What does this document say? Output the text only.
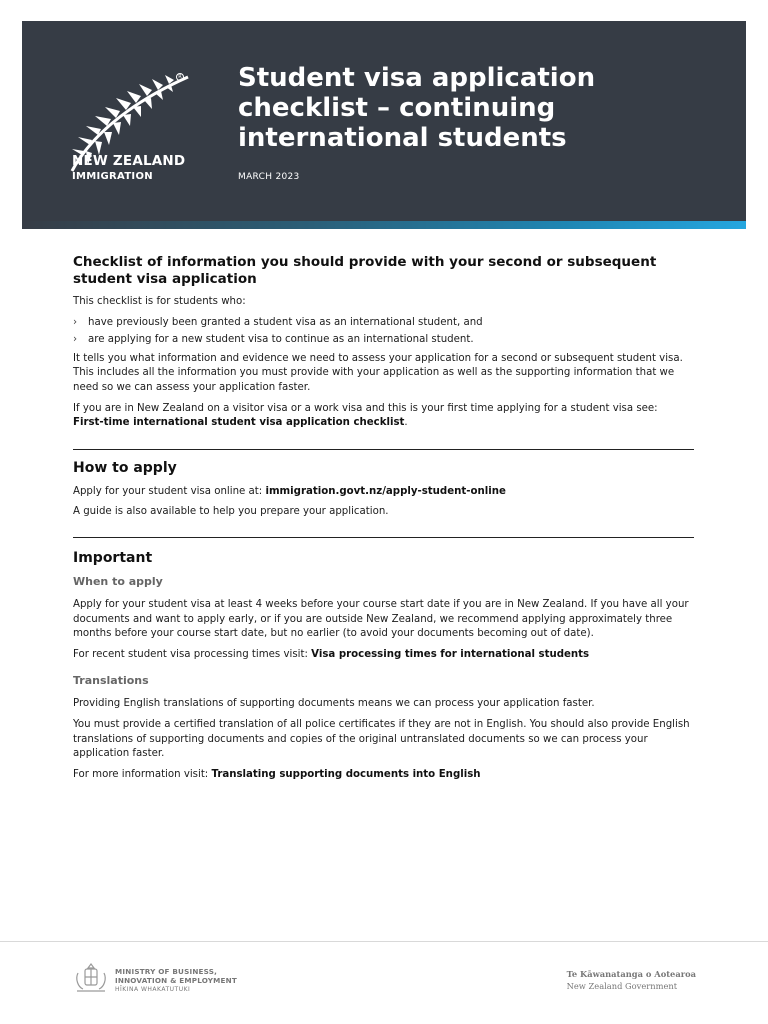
R
NEW ZEALAND
IMMIGRATION
Student visa application checklist – continuing international students
MARCH 2023
Checklist of information you should provide with your second or subsequent student visa application

This checklist is for students who:

› have previously been granted a student visa as an international student, and
› are applying for a new student visa to continue as an international student.

It tells you what information and evidence we need to assess your application for a second or subsequent student visa. This includes all the information you must provide with your application as well as the supporting information that we need so we can assess your application faster.

If you are in New Zealand on a visitor visa or a work visa and this is your first time applying for a student visa see:
First-time international student visa application checklist.

How to apply

Apply for your student visa online at: immigration.govt.nz/apply-student-online

A guide is also available to help you prepare your application.

Important
When to apply

Apply for your student visa at least 4 weeks before your course start date if you are in New Zealand. If you have all your documents and want to apply early, or if you are outside New Zealand, we recommend applying approximately three months before your course start date, but no earlier (to avoid your documents becoming out of date).

For recent student visa processing times visit: Visa processing times for international students

Translations

Providing English translations of supporting documents means we can process your application faster.

You must provide a certified translation of all police certificates if they are not in English. You should also provide English translations of supporting documents and copies of the original untranslated documents so we can process your application faster.

For more information visit: Translating supporting documents into English

MINISTRY OF BUSINESS,
INNOVATION & EMPLOYMENT
HĪKINA WHAKATUTUKI
Te Kāwanatanga o Aotearoa
New Zealand Government
